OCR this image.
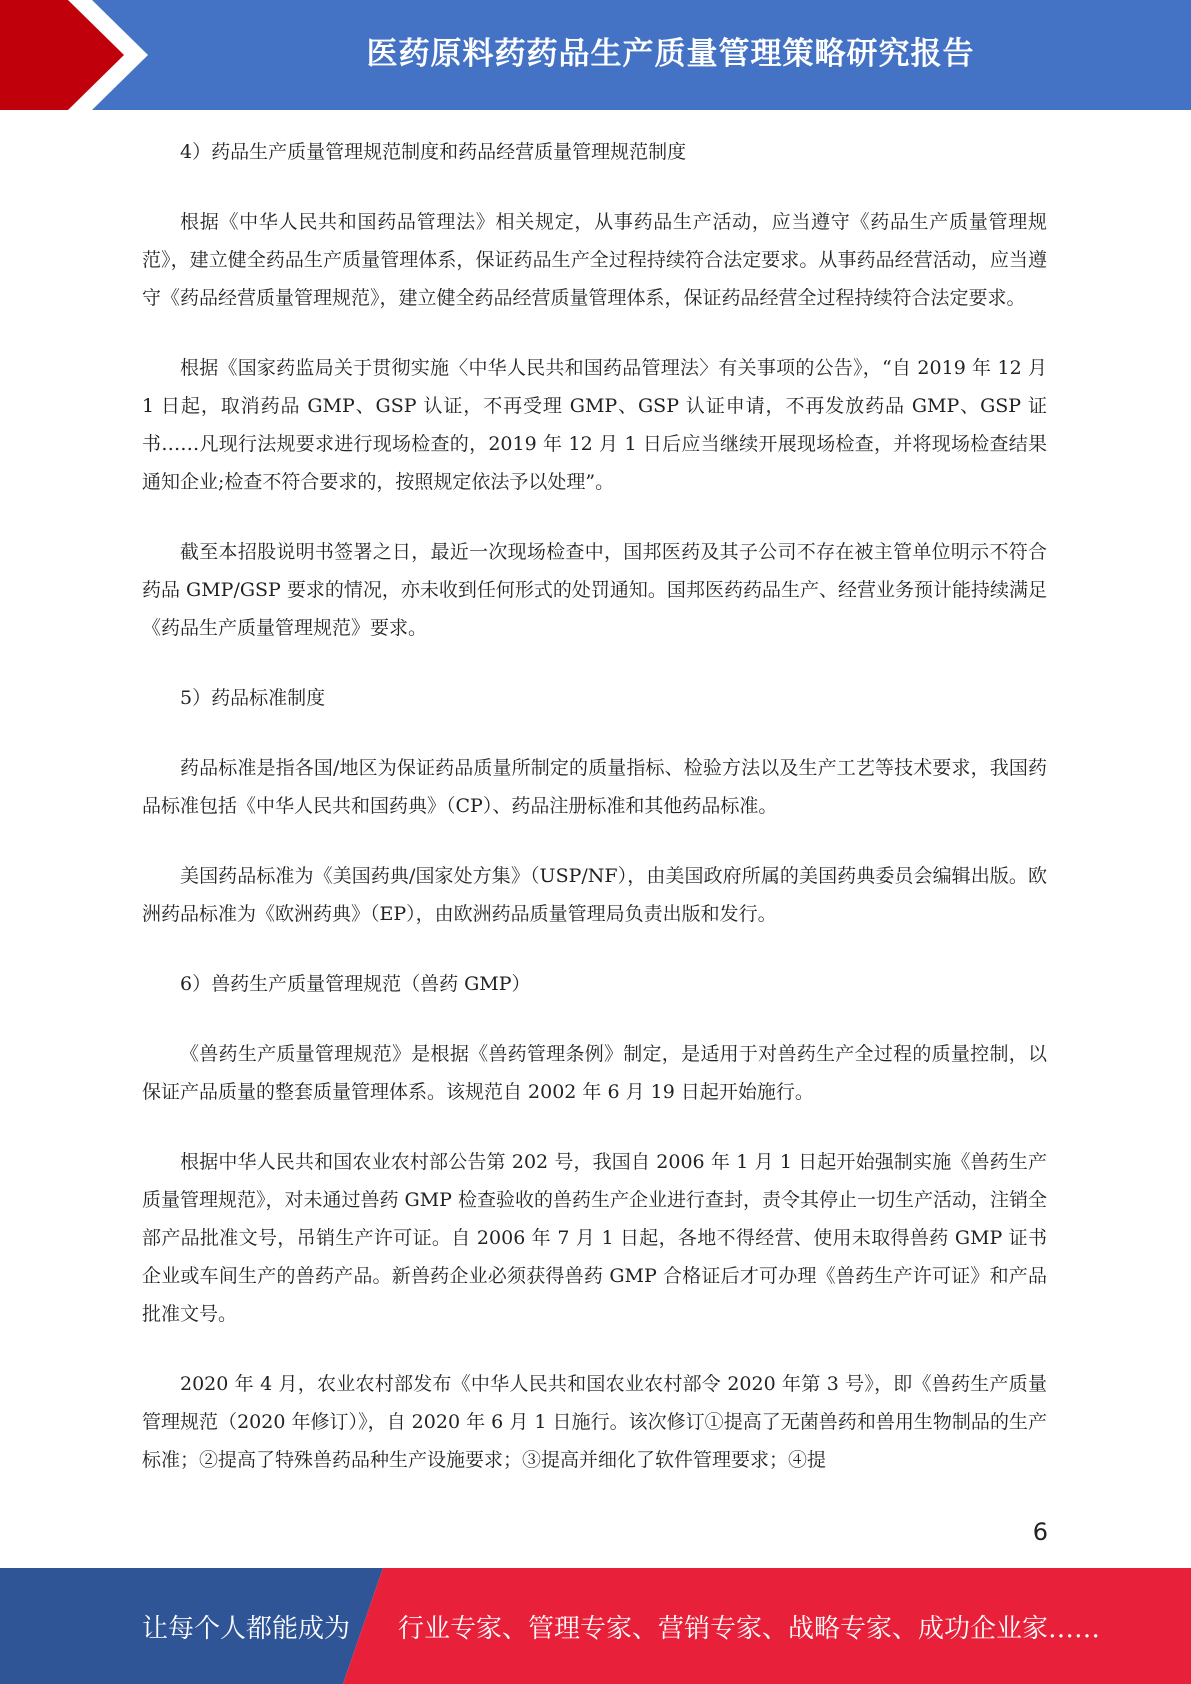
医药原料药药品生产质量管理策略研究报告

4）药品生产质量管理规范制度和药品经营质量管理规范制度

根据《中华人民共和国药品管理法》相关规定，从事药品生产活动，应当遵守《药品生产质量管理规范》，建立健全药品生产质量管理体系，保证药品生产全过程持续符合法定要求。从事药品经营活动，应当遵守《药品经营质量管理规范》，建立健全药品经营质量管理体系，保证药品经营全过程持续符合法定要求。

根据《国家药监局关于贯彻实施〈中华人民共和国药品管理法〉有关事项的公告》，“自 2019 年 12 月 1 日起，取消药品 GMP、GSP 认证，不再受理 GMP、GSP 认证申请，不再发放药品 GMP、GSP 证书……凡现行法规要求进行现场检查的，2019 年 12 月 1 日后应当继续开展现场检查，并将现场检查结果通知企业;检查不符合要求的，按照规定依法予以处理”。

截至本招股说明书签署之日，最近一次现场检查中，国邦医药及其子公司不存在被主管单位明示不符合药品 GMP/GSP 要求的情况，亦未收到任何形式的处罚通知。国邦医药药品生产、经营业务预计能持续满足《药品生产质量管理规范》要求。

5）药品标准制度

药品标准是指各国/地区为保证药品质量所制定的质量指标、检验方法以及生产工艺等技术要求，我国药品标准包括《中华人民共和国药典》（CP）、药品注册标准和其他药品标准。

美国药品标准为《美国药典/国家处方集》（USP/NF），由美国政府所属的美国药典委员会编辑出版。欧洲药品标准为《欧洲药典》（EP），由欧洲药品质量管理局负责出版和发行。

6）兽药生产质量管理规范（兽药 GMP）

《兽药生产质量管理规范》是根据《兽药管理条例》制定，是适用于对兽药生产全过程的质量控制，以保证产品质量的整套质量管理体系。该规范自 2002 年 6 月 19 日起开始施行。

根据中华人民共和国农业农村部公告第 202 号，我国自 2006 年 1 月 1 日起开始强制实施《兽药生产质量管理规范》，对未通过兽药 GMP 检查验收的兽药生产企业进行查封，责令其停止一切生产活动，注销全部产品批准文号，吊销生产许可证。自 2006 年 7 月 1 日起，各地不得经营、使用未取得兽药 GMP 证书企业或车间生产的兽药产品。新兽药企业必须获得兽药 GMP 合格证后才可办理《兽药生产许可证》和产品批准文号。

2020 年 4 月，农业农村部发布《中华人民共和国农业农村部令 2020 年第 3 号》，即《兽药生产质量管理规范（2020 年修订）》，自 2020 年 6 月 1 日施行。该次修订①提高了无菌兽药和兽用生物制品的生产标准；②提高了特殊兽药品种生产设施要求；③提高并细化了软件管理要求；④提

6
让每个人都能成为 行业专家、管理专家、营销专家、战略专家、成功企业家……
